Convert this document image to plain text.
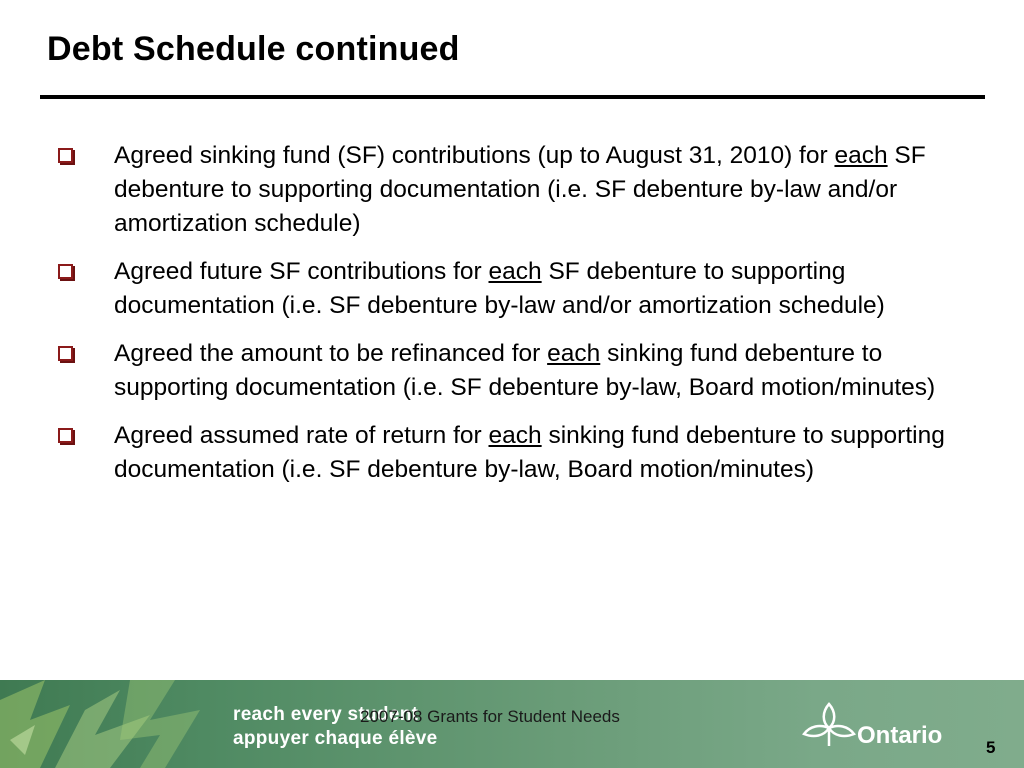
Debt Schedule continued
Agreed sinking fund (SF) contributions (up to August 31, 2010) for each SF debenture to supporting documentation (i.e. SF debenture by-law and/or amortization schedule)
Agreed future SF contributions for each SF debenture to supporting documentation (i.e. SF debenture by-law and/or amortization schedule)
Agreed the amount to be refinanced for each sinking fund debenture to supporting documentation (i.e. SF debenture by-law, Board motion/minutes)
Agreed assumed rate of return for each sinking fund debenture to supporting documentation (i.e. SF debenture by-law, Board motion/minutes)
reach every student
appuyer chaque élève
2007-08 Grants for Student Needs
Ontario	5
